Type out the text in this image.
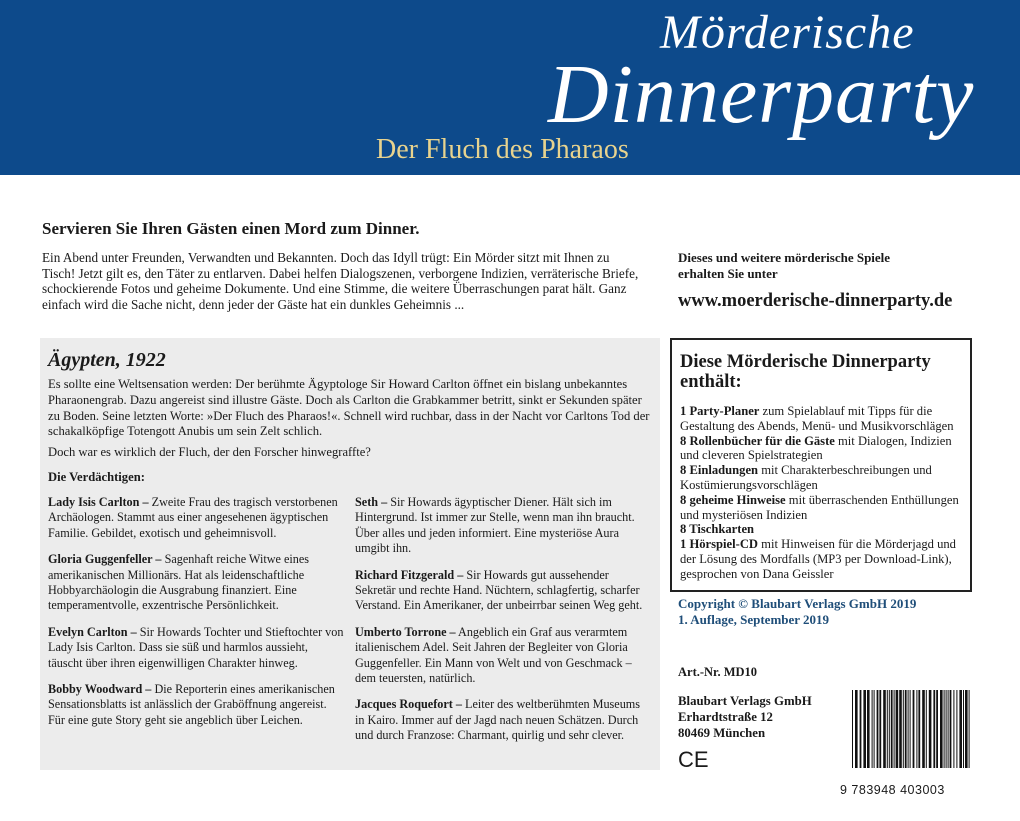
Mörderische
Dinnerparty
Der Fluch des Pharaos
Servieren Sie Ihren Gästen einen Mord zum Dinner.
Ein Abend unter Freunden, Verwandten und Bekannten. Doch das Idyll trügt: Ein Mörder sitzt mit Ihnen zu Tisch! Jetzt gilt es, den Täter zu entlarven. Dabei helfen Dialogszenen, verborgene Indizien, verräterische Briefe, schockierende Fotos und geheime Dokumente. Und eine Stimme, die weitere Überraschungen parat hält. Ganz einfach wird die Sache nicht, denn jeder der Gäste hat ein dunkles Geheimnis ...
Dieses und weitere mörderische Spiele
erhalten Sie unter
www.moerderische-dinnerparty.de
Ägypten, 1922
Es sollte eine Weltsensation werden: Der berühmte Ägyptologe Sir Howard Carlton öffnet ein bislang unbekanntes Pharaonengrab. Dazu angereist sind illustre Gäste. Doch als Carlton die Grabkammer betritt, sinkt er Sekunden später zu Boden. Seine letzten Worte: »Der Fluch des Pharaos!«. Schnell wird ruchbar, dass in der Nacht vor Carltons Tod der schakalköpfige Totengott Anubis um sein Zelt schlich.
Doch war es wirklich der Fluch, der den Forscher hinwegraffte?
Die Verdächtigen:
Lady Isis Carlton – Zweite Frau des tragisch verstorbenen Archäologen. Stammt aus einer angesehenen ägyptischen Familie. Gebildet, exotisch und geheimnisvoll.
Gloria Guggenfeller – Sagenhaft reiche Witwe eines amerikanischen Millionärs. Hat als leidenschaftliche Hobbyarchäologin die Ausgrabung finanziert. Eine temperamentvolle, exzentrische Persönlichkeit.
Evelyn Carlton – Sir Howards Tochter und Stieftochter von Lady Isis Carlton. Dass sie süß und harmlos aussieht, täuscht über ihren eigenwilligen Charakter hinweg.
Bobby Woodward – Die Reporterin eines amerikanischen Sensationsblatts ist anlässlich der Graböffnung angereist. Für eine gute Story geht sie angeblich über Leichen.
Seth – Sir Howards ägyptischer Diener. Hält sich im Hintergrund. Ist immer zur Stelle, wenn man ihn braucht. Über alles und jeden informiert. Eine mysteriöse Aura umgibt ihn.
Richard Fitzgerald – Sir Howards gut aussehender Sekretär und rechte Hand. Nüchtern, schlagfertig, scharfer Verstand. Ein Amerikaner, der unbeirrbar seinen Weg geht.
Umberto Torrone – Angeblich ein Graf aus verarmtem italienischem Adel. Seit Jahren der Begleiter von Gloria Guggenfeller. Ein Mann von Welt und von Geschmack – dem teuersten, natürlich.
Jacques Roquefort – Leiter des weltberühmten Museums in Kairo. Immer auf der Jagd nach neuen Schätzen. Durch und durch Franzose: Charmant, quirlig und sehr clever.
Diese Mörderische Dinnerparty enthält:
1 Party-Planer zum Spielablauf mit Tipps für die Gestaltung des Abends, Menü- und Musikvorschlägen
8 Rollenbücher für die Gäste mit Dialogen, Indizien und cleveren Spielstrategien
8 Einladungen mit Charakterbeschreibungen und Kostümierungsvorschlägen
8 geheime Hinweise mit überraschenden Enthüllungen und mysteriösen Indizien
8 Tischkarten
1 Hörspiel-CD mit Hinweisen für die Mörderjagd und der Lösung des Mordfalls (MP3 per Download-Link), gesprochen von Dana Geissler
Copyright © Blaubart Verlags GmbH 2019
1. Auflage, September 2019
Art.-Nr. MD10
Blaubart Verlags GmbH
Erhardtstraße 12
80469 München
CE
9 783948 403003
